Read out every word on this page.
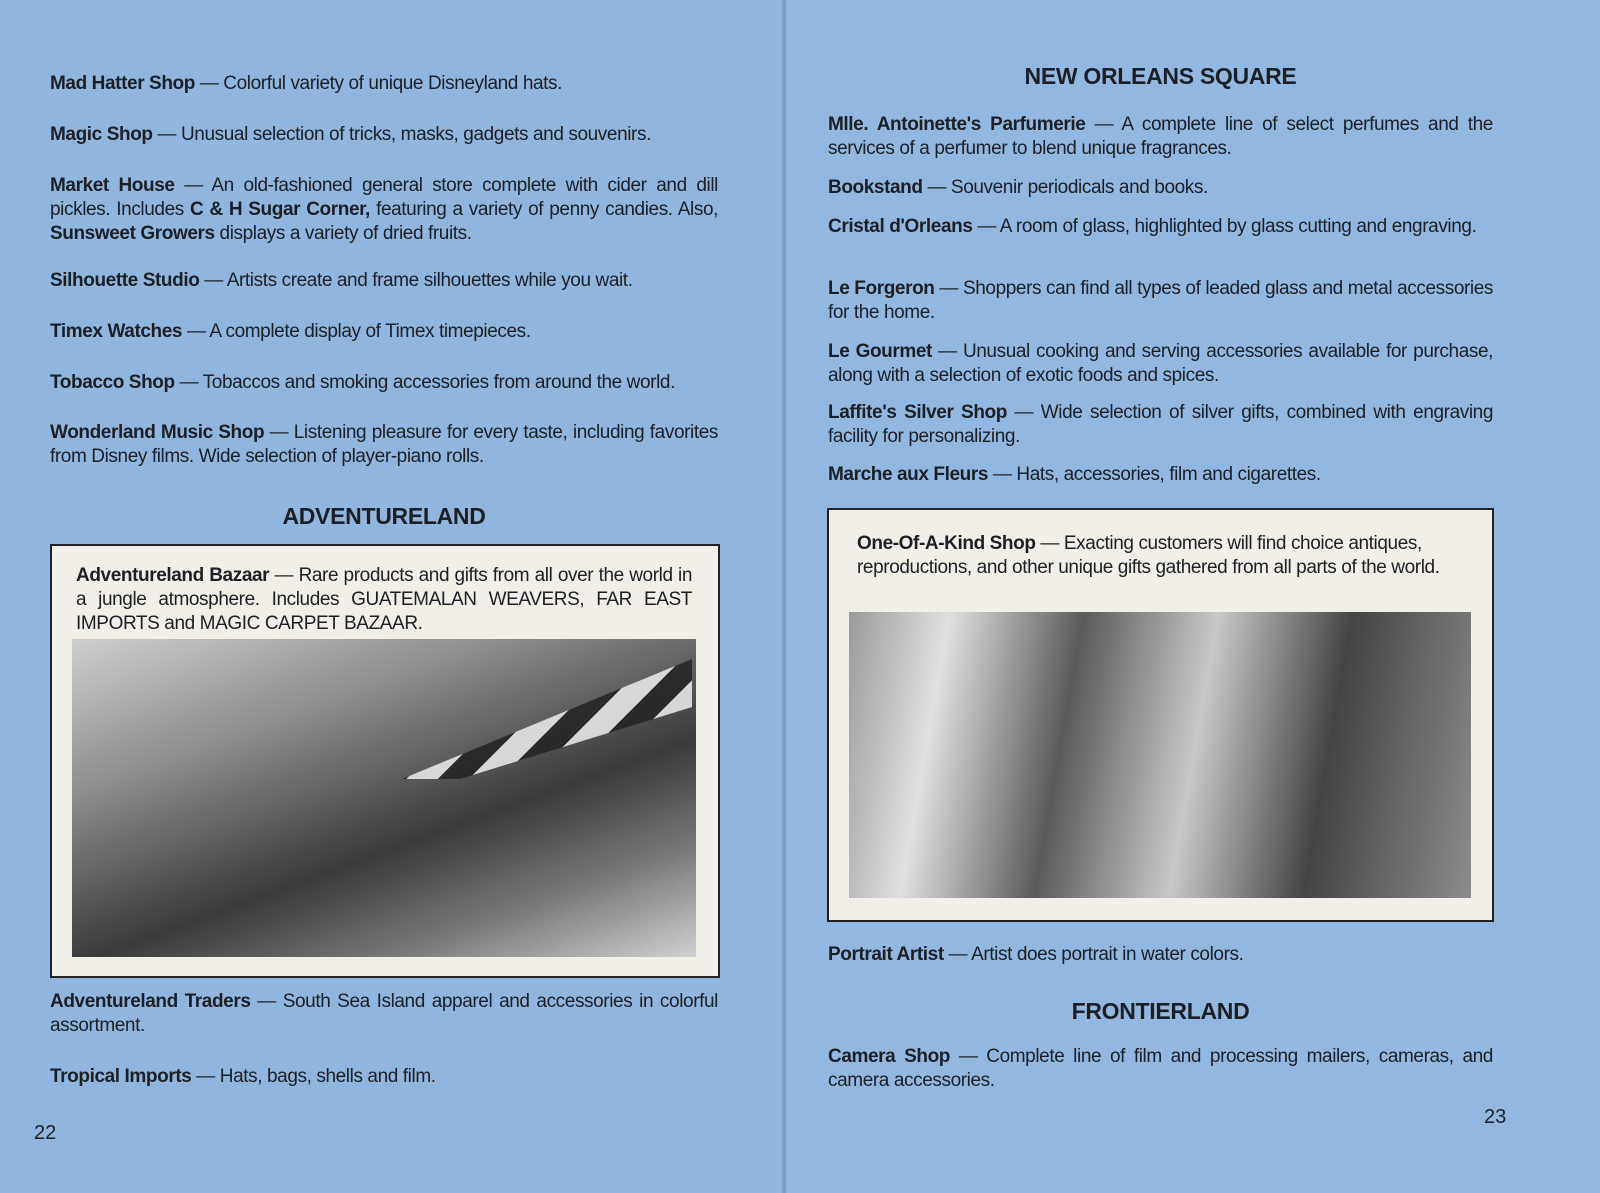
Mad Hatter Shop — Colorful variety of unique Disneyland hats.
Magic Shop — Unusual selection of tricks, masks, gadgets and souvenirs.
Market House — An old-fashioned general store complete with cider and dill pickles. Includes C & H Sugar Corner, featuring a variety of penny candies. Also, Sunsweet Growers displays a variety of dried fruits.
Silhouette Studio — Artists create and frame silhouettes while you wait.
Timex Watches — A complete display of Timex timepieces.
Tobacco Shop — Tobaccos and smoking accessories from around the world.
Wonderland Music Shop — Listening pleasure for every taste, including favorites from Disney films. Wide selection of player-piano rolls.
ADVENTURELAND
Adventureland Bazaar — Rare products and gifts from all over the world in a jungle atmosphere. Includes GUATEMALAN WEAVERS, FAR EAST IMPORTS and MAGIC CARPET BAZAAR.
Adventureland Traders — South Sea Island apparel and accessories in colorful assortment.
Tropical Imports — Hats, bags, shells and film.
22
NEW ORLEANS SQUARE
Mlle. Antoinette's Parfumerie — A complete line of select perfumes and the services of a perfumer to blend unique fragrances.
Bookstand — Souvenir periodicals and books.
Cristal d'Orleans — A room of glass, highlighted by glass cutting and engraving.
Le Forgeron — Shoppers can find all types of leaded glass and metal accessories for the home.
Le Gourmet — Unusual cooking and serving accessories available for purchase, along with a selection of exotic foods and spices.
Laffite's Silver Shop — Wide selection of silver gifts, combined with engraving facility for personalizing.
Marche aux Fleurs — Hats, accessories, film and cigarettes.
One-Of-A-Kind Shop — Exacting customers will find choice antiques, reproductions, and other unique gifts gathered from all parts of the world.
Portrait Artist — Artist does portrait in water colors.
FRONTIERLAND
Camera Shop — Complete line of film and processing mailers, cameras, and camera accessories.
23
